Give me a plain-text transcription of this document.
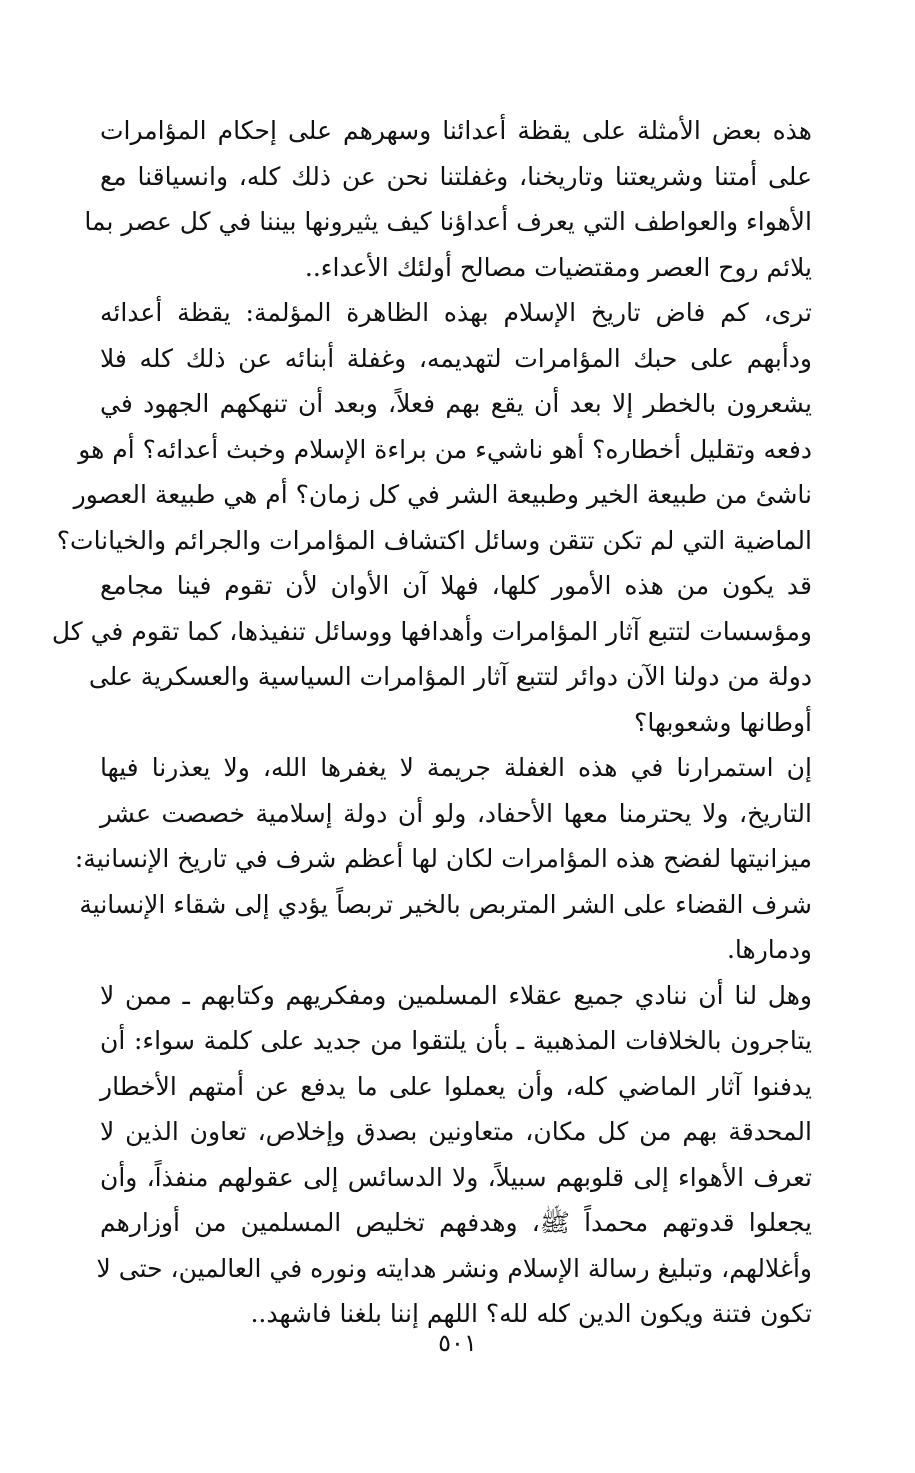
هذه بعض الأمثلة على يقظة أعدائنا وسهرهم على إحكام المؤامرات
على أمتنا وشريعتنا وتاريخنا، وغفلتنا نحن عن ذلك كله، وانسياقنا مع
الأهواء والعواطف التي يعرف أعداؤنا كيف يثيرونها بيننا في كل عصر بما
يلائم روح العصر ومقتضيات مصالح أولئك الأعداء..
ترى، كم فاض تاريخ الإسلام بهذه الظاهرة المؤلمة: يقظة أعدائه
ودأبهم على حبك المؤامرات لتهديمه، وغفلة أبنائه عن ذلك كله فلا
يشعرون بالخطر إلا بعد أن يقع بهم فعلاً، وبعد أن تنهكهم الجهود في
دفعه وتقليل أخطاره؟ أهو ناشيء من براءة الإسلام وخبث أعدائه؟ أم هو
ناشئ من طبيعة الخير وطبيعة الشر في كل زمان؟ أم هي طبيعة العصور
الماضية التي لم تكن تتقن وسائل اكتشاف المؤامرات والجرائم والخيانات؟
قد يكون من هذه الأمور كلها، فهلا آن الأوان لأن تقوم فينا مجامع
ومؤسسات لتتبع آثار المؤامرات وأهدافها ووسائل تنفيذها، كما تقوم في كل
دولة من دولنا الآن دوائر لتتبع آثار المؤامرات السياسية والعسكرية على
أوطانها وشعوبها؟
إن استمرارنا في هذه الغفلة جريمة لا يغفرها الله، ولا يعذرنا فيها
التاريخ، ولا يحترمنا معها الأحفاد، ولو أن دولة إسلامية خصصت عشر
ميزانيتها لفضح هذه المؤامرات لكان لها أعظم شرف في تاريخ الإنسانية:
شرف القضاء على الشر المتربص بالخير تربصاً يؤدي إلى شقاء الإنسانية
ودمارها.
وهل لنا أن ننادي جميع عقلاء المسلمين ومفكريهم وكتابهم ـ ممن لا
يتاجرون بالخلافات المذهبية ـ بأن يلتقوا من جديد على كلمة سواء: أن
يدفنوا آثار الماضي كله، وأن يعملوا على ما يدفع عن أمتهم الأخطار
المحدقة بهم من كل مكان، متعاونين بصدق وإخلاص، تعاون الذين لا
تعرف الأهواء إلى قلوبهم سبيلاً، ولا الدسائس إلى عقولهم منفذاً، وأن
يجعلوا قدوتهم محمداً ﷺ، وهدفهم تخليص المسلمين من أوزارهم
وأغلالهم، وتبليغ رسالة الإسلام ونشر هدايته ونوره في العالمين، حتى لا
تكون فتنة ويكون الدين كله لله؟ اللهم إننا بلغنا فاشهد..
٥٠١
